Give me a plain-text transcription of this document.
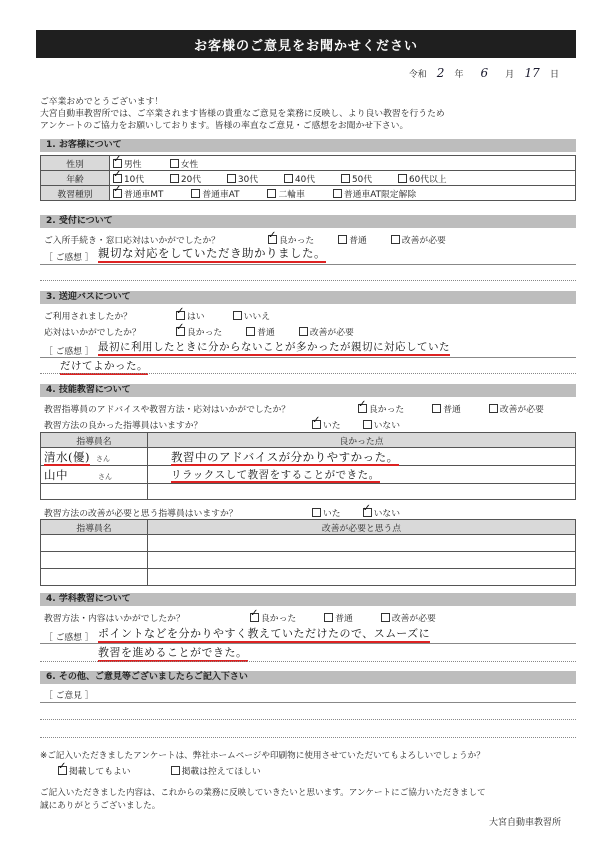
お客様のご意見をお聞かせください
令和 2 年 6 月 17 日
ご卒業おめでとうございます！
大宮自動車教習所では、ご卒業されます皆様の貴重なご意見を業務に反映し、より良い教習を行うため
アンケートのご協力をお願いしております。皆様の率直なご意見・ご感想をお聞かせ下さい。
1. お客様について
性別	✓男性 女性
年齢	✓10代 20代 30代 40代 50代 60代以上
教習種別	✓普通車MT 普通車AT 二輪車 普通車AT限定解除
2. 受付について
ご入所手続き・窓口応対はいかがでしたか？ ✓	良かった	普通	改善が必要
［ ご感想 ］ 親切な対応をしていただき助かりました。
3. 送迎バスについて
ご利用されましたか？ ✓	はい	いいえ
応対はいかがでしたか？ ✓	良かった	普通	改善が必要
［ ご感想 ］ 最初に利用したときに分からないことが多かったが親切に対応していた
だけてよかった。
4. 技能教習について
教習指導員のアドバイスや教習方法・応対はいかがでしたか？ ✓	良かった	普通	改善が必要
教習方法の良かった指導員はいますか？ ✓	いた	いない
指導員名	良かった点
清水(優) さん	教習中のアドバイスが分かりやすかった。
山中 さん	リラックスして教習をすることができた。

教習方法の改善が必要と思う指導員はいますか？	いた ✓	いない
指導員名	改善が必要と思う点

4. 学科教習について
教習方法・内容はいかがでしたか？ ✓	良かった	普通	改善が必要
［ ご感想 ］ ポイントなどを分かりやすく教えていただけたので、スムーズに
教習を進めることができた。
6. その他、ご意見等ございましたらご記入下さい
［ ご意見 ］
※ご記入いただきましたアンケートは、弊社ホームページや印刷物に使用させていただいてもよろしいでしょうか？
✓掲載してもよい	掲載は控えてほしい
ご記入いただきました内容は、これからの業務に反映していきたいと思います。アンケートにご協力いただきまして
誠にありがとうございました。
大宮自動車教習所
